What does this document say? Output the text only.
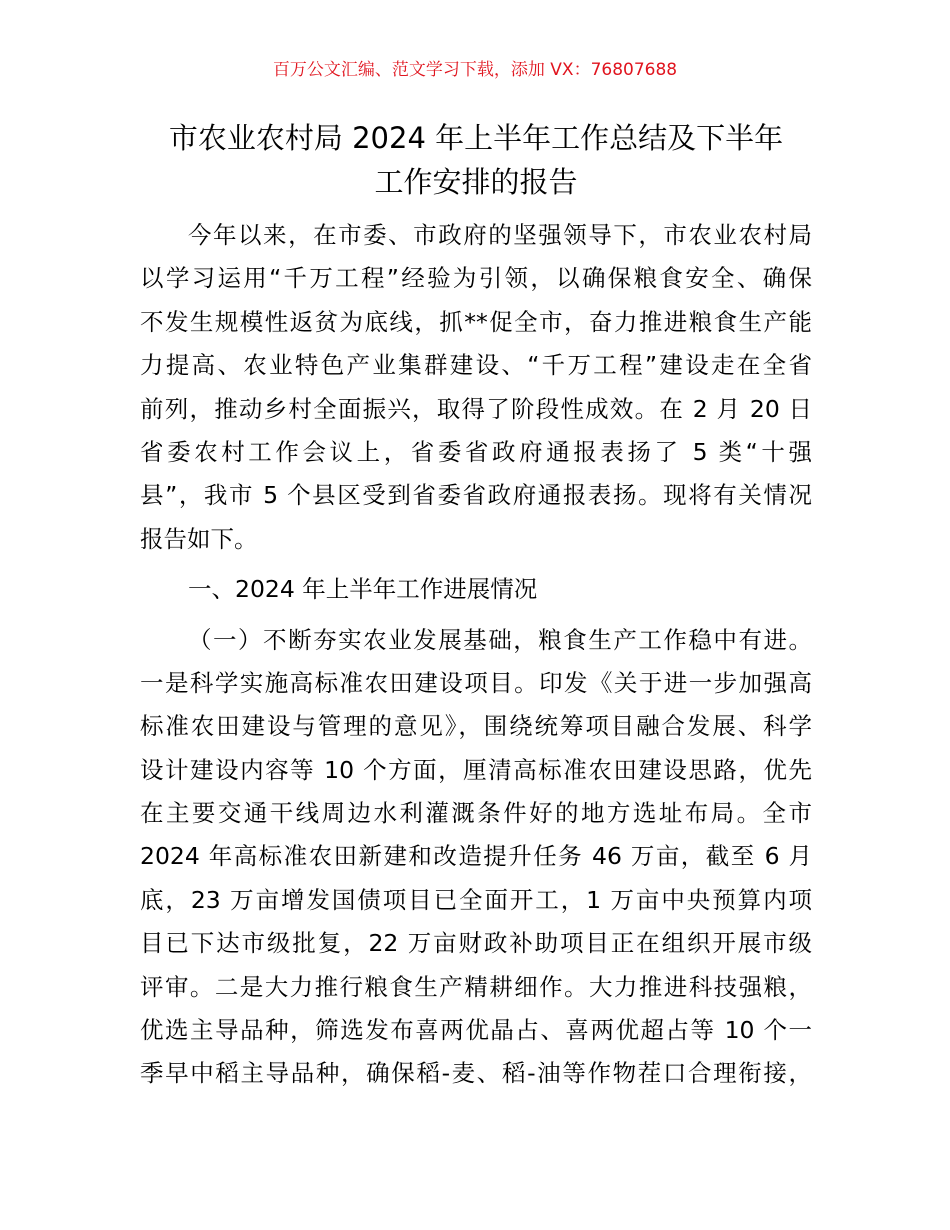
百万公文汇编、范文学习下载，添加 VX：76807688
市农业农村局 2024 年上半年工作总结及下半年
工作安排的报告
今年以来，在市委、市政府的坚强领导下，市农业农村局
以学习运用“千万工程”经验为引领，以确保粮食安全、确保
不发生规模性返贫为底线，抓**促全市，奋力推进粮食生产能
力提高、农业特色产业集群建设、“千万工程”建设走在全省
前列，推动乡村全面振兴，取得了阶段性成效。在 2 月 20 日
省委农村工作会议上，省委省政府通报表扬了 5 类“十强
县”，我市 5 个县区受到省委省政府通报表扬。现将有关情况
报告如下。
一、2024 年上半年工作进展情况
（一）不断夯实农业发展基础，粮食生产工作稳中有进。
一是科学实施高标准农田建设项目。印发《关于进一步加强高
标准农田建设与管理的意见》，围绕统筹项目融合发展、科学
设计建设内容等 10 个方面，厘清高标准农田建设思路，优先
在主要交通干线周边水利灌溉条件好的地方选址布局。全市
2024 年高标准农田新建和改造提升任务 46 万亩，截至 6 月
底，23 万亩增发国债项目已全面开工，1 万亩中央预算内项
目已下达市级批复，22 万亩财政补助项目正在组织开展市级
评审。二是大力推行粮食生产精耕细作。大力推进科技强粮，
优选主导品种，筛选发布喜两优晶占、喜两优超占等 10 个一
季早中稻主导品种，确保稻-麦、稻-油等作物茬口合理衔接，
